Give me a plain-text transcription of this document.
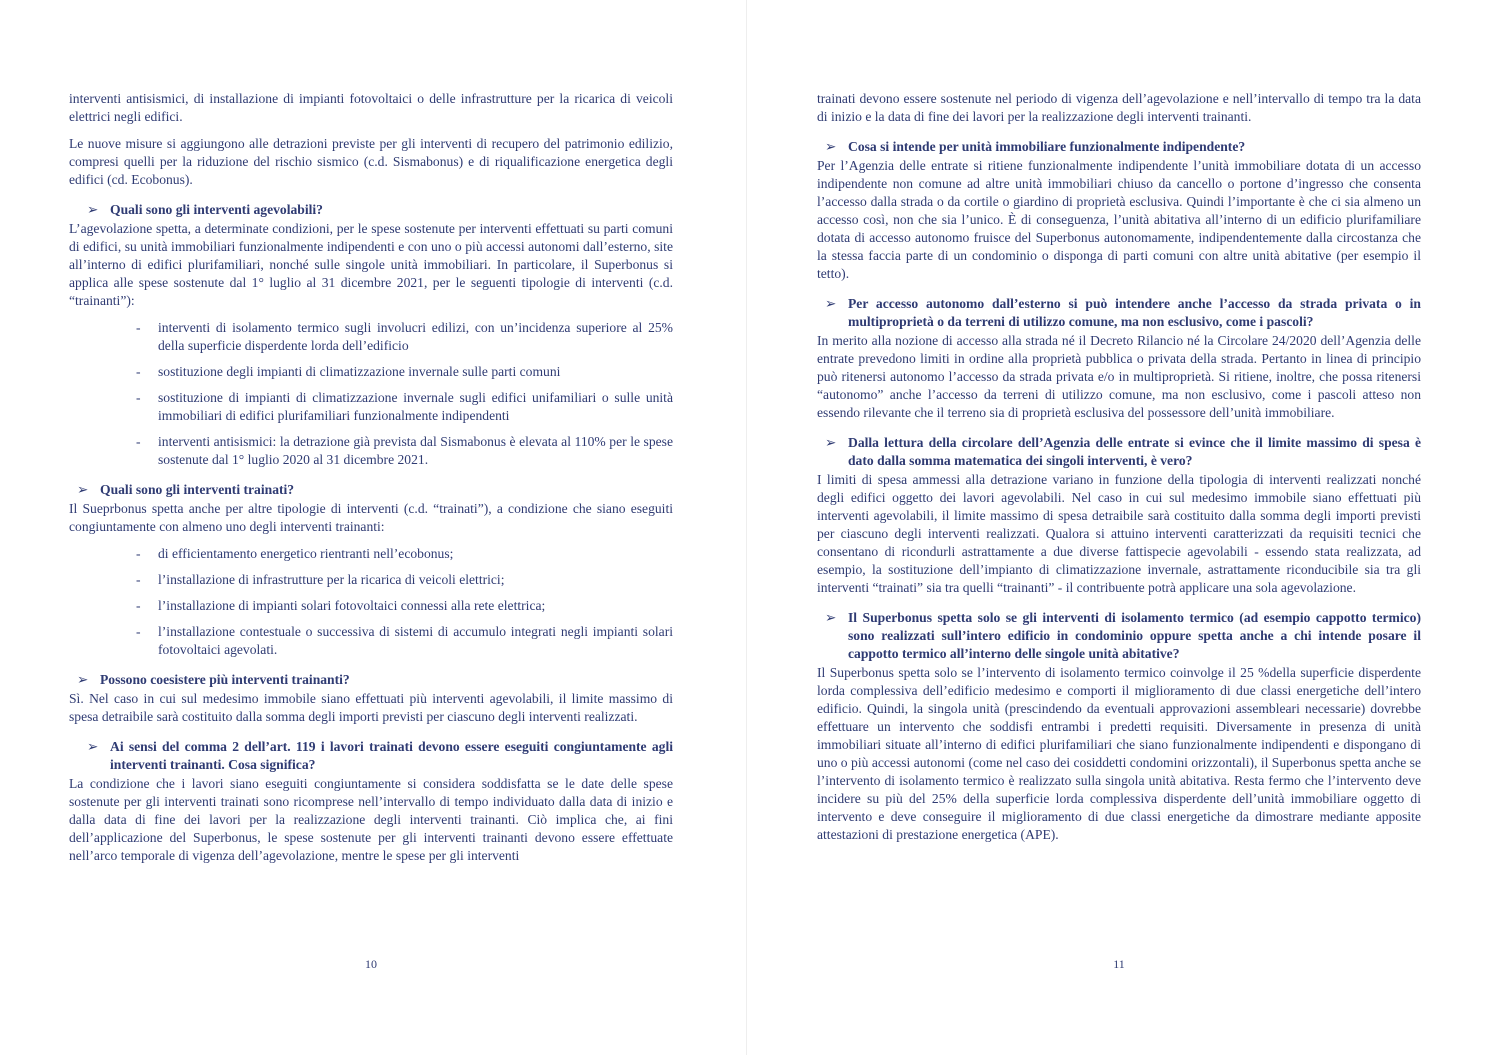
interventi antisismici, di installazione di impianti fotovoltaici o delle infrastrutture per la ricarica di veicoli elettrici negli edifici.

Le nuove misure si aggiungono alle detrazioni previste per gli interventi di recupero del patrimonio edilizio, compresi quelli per la riduzione del rischio sismico (c.d. Sismabonus) e di riqualificazione energetica degli edifici (cd. Ecobonus).

➢ Quali sono gli interventi agevolabili?

L’agevolazione spetta, a determinate condizioni, per le spese sostenute per interventi effettuati su parti comuni di edifici, su unità immobiliari funzionalmente indipendenti e con uno o più accessi autonomi dall’esterno, site all’interno di edifici plurifamiliari, nonché sulle singole unità immobiliari. In particolare, il Superbonus si applica alle spese sostenute dal 1° luglio al 31 dicembre 2021, per le seguenti tipologie di interventi (c.d. “trainanti”):

-	interventi di isolamento termico sugli involucri edilizi, con un’incidenza superiore al 25% della superficie disperdente lorda dell’edificio
-	sostituzione degli impianti di climatizzazione invernale sulle parti comuni
-	sostituzione di impianti di climatizzazione invernale sugli edifici unifamiliari o sulle unità immobiliari di edifici plurifamiliari funzionalmente indipendenti
-	interventi antisismici: la detrazione già prevista dal Sismabonus è elevata al 110% per le spese sostenute dal 1° luglio 2020 al 31 dicembre 2021.
➢ Quali sono gli interventi trainati?

Il Sueprbonus spetta anche per altre tipologie di interventi (c.d. “trainati”), a condizione che siano eseguiti congiuntamente con almeno uno degli interventi trainanti:

-	di efficientamento energetico rientranti nell’ecobonus;
-	l’installazione di infrastrutture per la ricarica di veicoli elettrici;
-	l’installazione di impianti solari fotovoltaici connessi alla rete elettrica;
-	l’installazione contestuale o successiva di sistemi di accumulo integrati negli impianti solari fotovoltaici agevolati.
➢ Possono coesistere più interventi trainanti?

Sì. Nel caso in cui sul medesimo immobile siano effettuati più interventi agevolabili, il limite massimo di spesa detraibile sarà costituito dalla somma degli importi previsti per ciascuno degli interventi realizzati.

➢ Ai sensi del comma 2 dell’art. 119 i lavori trainati devono essere eseguiti congiuntamente agli interventi trainanti. Cosa significa?

La condizione che i lavori siano eseguiti congiuntamente si considera soddisfatta se le date delle spese sostenute per gli interventi trainati sono ricomprese nell’intervallo di tempo individuato dalla data di inizio e dalla data di fine dei lavori per la realizzazione degli interventi trainanti. Ciò implica che, ai fini dell’applicazione del Superbonus, le spese sostenute per gli interventi trainanti devono essere effettuate nell’arco temporale di vigenza dell’agevolazione, mentre le spese per gli interventi

10

trainati devono essere sostenute nel periodo di vigenza dell’agevolazione e nell’intervallo di tempo tra la data di inizio e la data di fine dei lavori per la realizzazione degli interventi trainanti.

➢ Cosa si intende per unità immobiliare funzionalmente indipendente?

Per l’Agenzia delle entrate si ritiene funzionalmente indipendente l’unità immobiliare dotata di un accesso indipendente non comune ad altre unità immobiliari chiuso da cancello o portone d’ingresso che consenta l’accesso dalla strada o da cortile o giardino di proprietà esclusiva. Quindi l’importante è che ci sia almeno un accesso così, non che sia l’unico. È di conseguenza, l’unità abitativa all’interno di un edificio plurifamiliare dotata di accesso autonomo fruisce del Superbonus autonomamente, indipendentemente dalla circostanza che la stessa faccia parte di un condominio o disponga di parti comuni con altre unità abitative (per esempio il tetto).

➢ Per accesso autonomo dall’esterno si può intendere anche l’accesso da strada privata o in multiproprietà o da terreni di utilizzo comune, ma non esclusivo, come i pascoli?

In merito alla nozione di accesso alla strada né il Decreto Rilancio né la Circolare 24/2020 dell’Agenzia delle entrate prevedono limiti in ordine alla proprietà pubblica o privata della strada. Pertanto in linea di principio può ritenersi autonomo l’accesso da strada privata e/o in multiproprietà. Si ritiene, inoltre, che possa ritenersi “autonomo” anche l’accesso da terreni di utilizzo comune, ma non esclusivo, come i pascoli atteso non essendo rilevante che il terreno sia di proprietà esclusiva del possessore dell’unità immobiliare.

➢ Dalla lettura della circolare dell’Agenzia delle entrate si evince che il limite massimo di spesa è dato dalla somma matematica dei singoli interventi, è vero?

I limiti di spesa ammessi alla detrazione variano in funzione della tipologia di interventi realizzati nonché degli edifici oggetto dei lavori agevolabili. Nel caso in cui sul medesimo immobile siano effettuati più interventi agevolabili, il limite massimo di spesa detraibile sarà costituito dalla somma degli importi previsti per ciascuno degli interventi realizzati. Qualora si attuino interventi caratterizzati da requisiti tecnici che consentano di ricondurli astrattamente a due diverse fattispecie agevolabili - essendo stata realizzata, ad esempio, la sostituzione dell’impianto di climatizzazione invernale, astrattamente riconducibile sia tra gli interventi “trainati” sia tra quelli “trainanti” - il contribuente potrà applicare una sola agevolazione.

➢ Il Superbonus spetta solo se gli interventi di isolamento termico (ad esempio cappotto termico) sono realizzati sull’intero edificio in condominio oppure spetta anche a chi intende posare il cappotto termico all’interno delle singole unità abitative?

Il Superbonus spetta solo se l’intervento di isolamento termico coinvolge il 25 %della superficie disperdente lorda complessiva dell’edificio medesimo e comporti il miglioramento di due classi energetiche dell’intero edificio. Quindi, la singola unità (prescindendo da eventuali approvazioni assembleari necessarie) dovrebbe effettuare un intervento che soddisfi entrambi i predetti requisiti. Diversamente in presenza di unità immobiliari situate all’interno di edifici plurifamiliari che siano funzionalmente indipendenti e dispongano di uno o più accessi autonomi (come nel caso dei cosiddetti condomini orizzontali), il Superbonus spetta anche se l’intervento di isolamento termico è realizzato sulla singola unità abitativa. Resta fermo che l’intervento deve incidere su più del 25% della superficie lorda complessiva disperdente dell’unità immobiliare oggetto di intervento e deve conseguire il miglioramento di due classi energetiche da dimostrare mediante apposite attestazioni di prestazione energetica (APE).

11
